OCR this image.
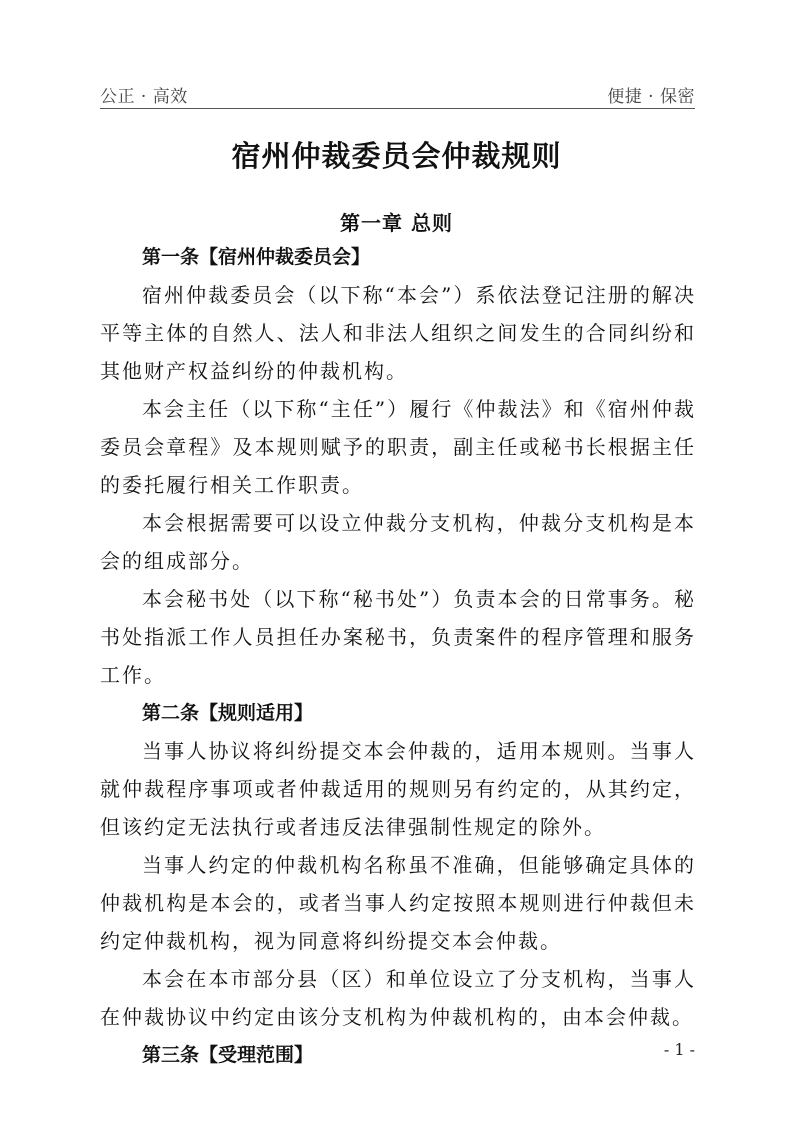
公正 · 高效	便捷 · 保密
宿州仲裁委员会仲裁规则
第一章 总则
第一条【宿州仲裁委员会】

宿州仲裁委员会（以下称“本会”）系依法登记注册的解决平等主体的自然人、法人和非法人组织之间发生的合同纠纷和其他财产权益纠纷的仲裁机构。

本会主任（以下称“主任”）履行《仲裁法》和《宿州仲裁委员会章程》及本规则赋予的职责，副主任或秘书长根据主任的委托履行相关工作职责。

本会根据需要可以设立仲裁分支机构，仲裁分支机构是本会的组成部分。

本会秘书处（以下称“秘书处”）负责本会的日常事务。秘书处指派工作人员担任办案秘书，负责案件的程序管理和服务工作。

第二条【规则适用】

当事人协议将纠纷提交本会仲裁的，适用本规则。当事人就仲裁程序事项或者仲裁适用的规则另有约定的，从其约定，但该约定无法执行或者违反法律强制性规定的除外。

当事人约定的仲裁机构名称虽不准确，但能够确定具体的仲裁机构是本会的，或者当事人约定按照本规则进行仲裁但未约定仲裁机构，视为同意将纠纷提交本会仲裁。

本会在本市部分县（区）和单位设立了分支机构，当事人在仲裁协议中约定由该分支机构为仲裁机构的，由本会仲裁。

第三条【受理范围】	- 1 -
